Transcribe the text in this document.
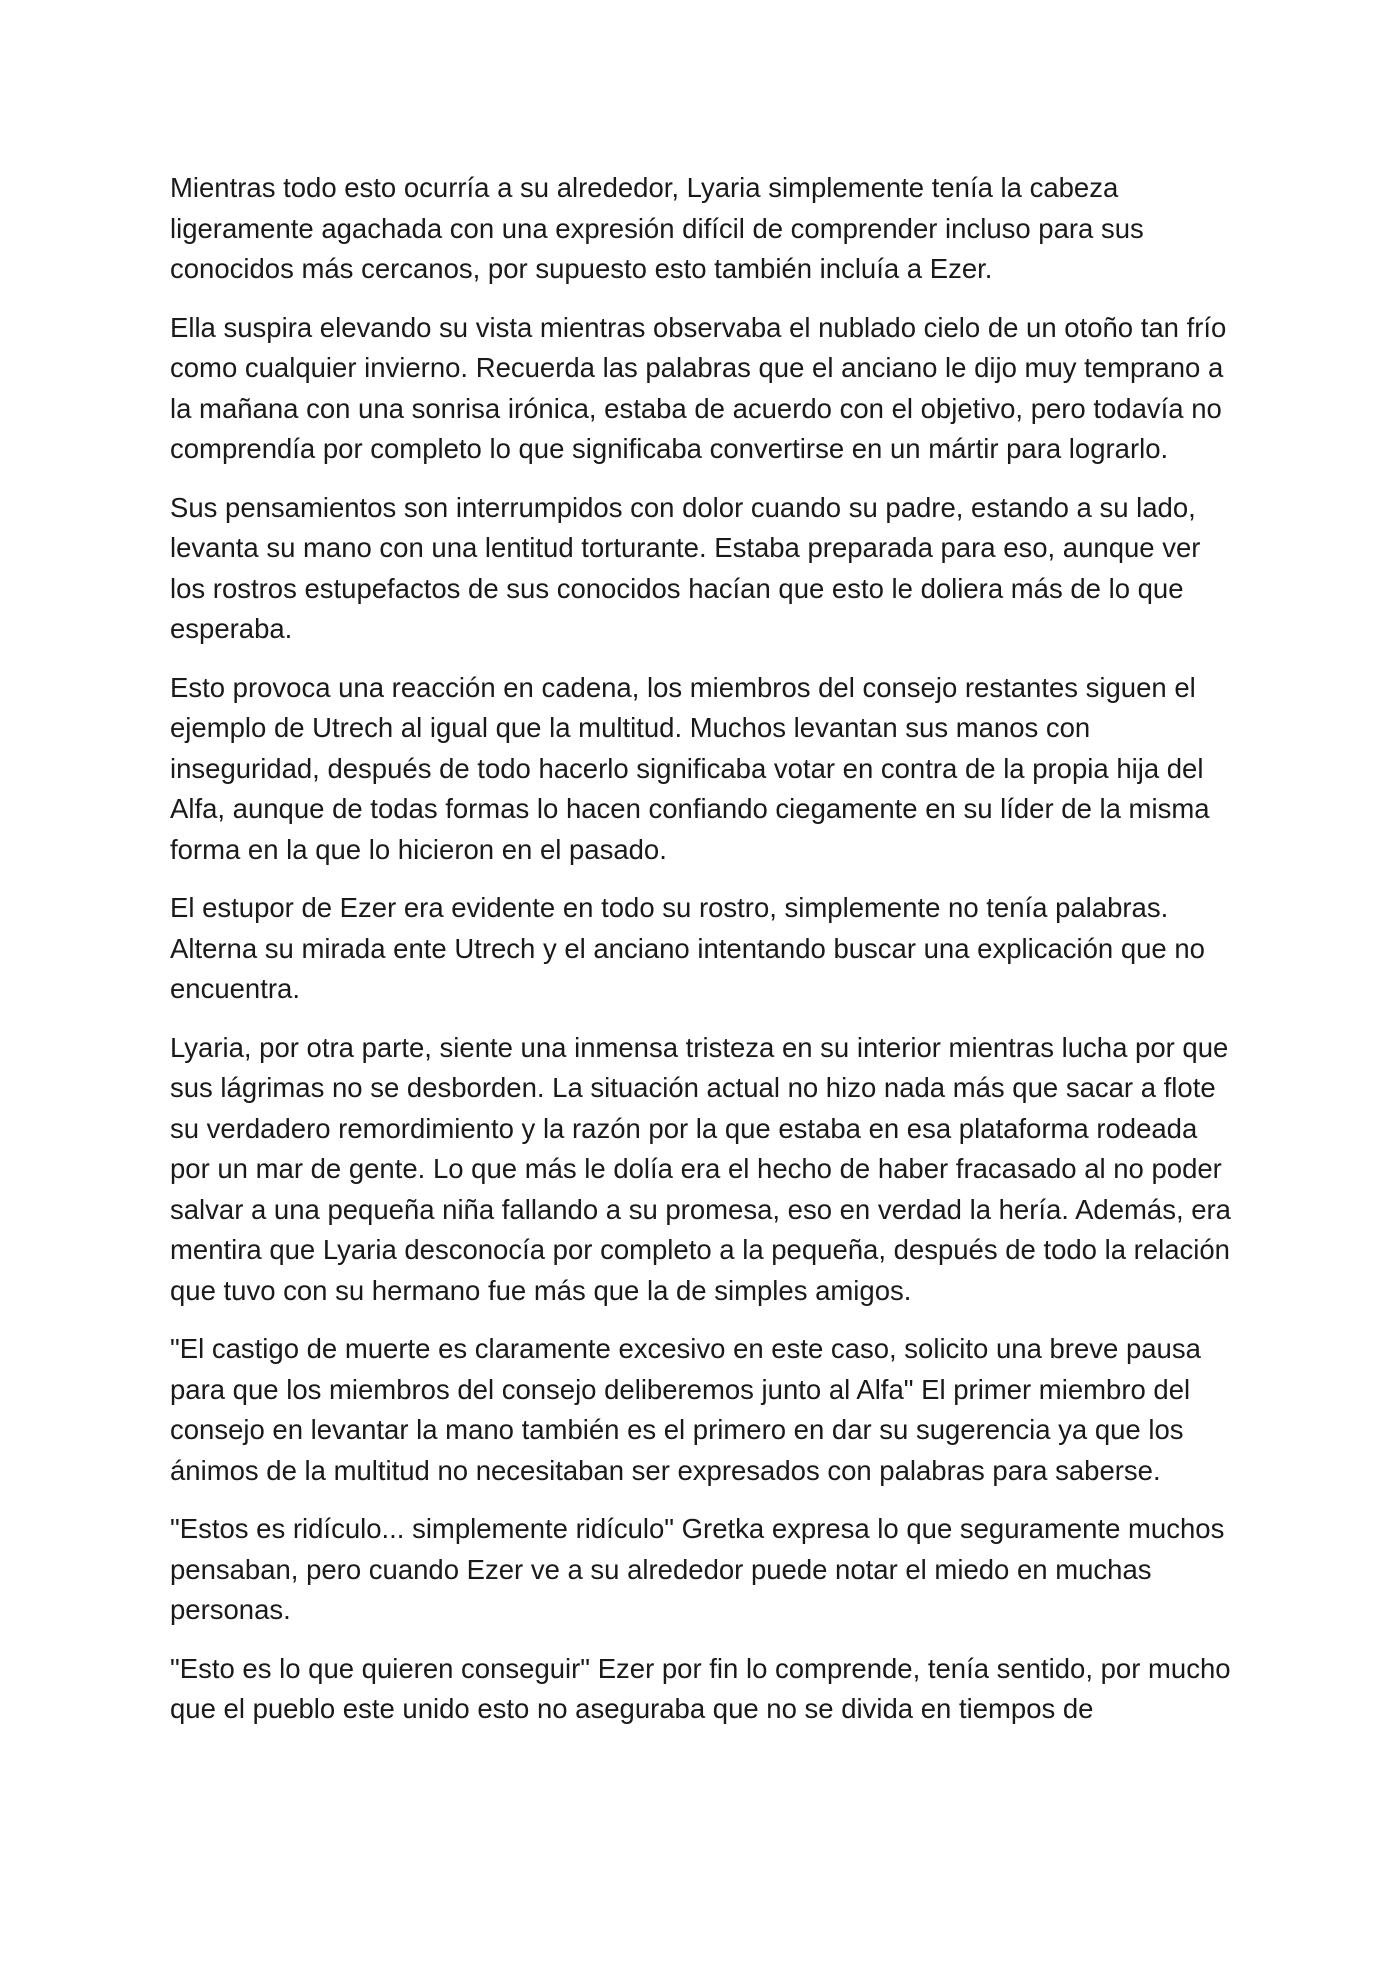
Mientras todo esto ocurría a su alrededor, Lyaria simplemente tenía la cabeza ligeramente agachada con una expresión difícil de comprender incluso para sus conocidos más cercanos, por supuesto esto también incluía a Ezer.

Ella suspira elevando su vista mientras observaba el nublado cielo de un otoño tan frío como cualquier invierno. Recuerda las palabras que el anciano le dijo muy temprano a la mañana con una sonrisa irónica, estaba de acuerdo con el objetivo, pero todavía no comprendía por completo lo que significaba convertirse en un mártir para lograrlo.

Sus pensamientos son interrumpidos con dolor cuando su padre, estando a su lado, levanta su mano con una lentitud torturante. Estaba preparada para eso, aunque ver los rostros estupefactos de sus conocidos hacían que esto le doliera más de lo que esperaba.

Esto provoca una reacción en cadena, los miembros del consejo restantes siguen el ejemplo de Utrech al igual que la multitud. Muchos levantan sus manos con inseguridad, después de todo hacerlo significaba votar en contra de la propia hija del Alfa, aunque de todas formas lo hacen confiando ciegamente en su líder de la misma forma en la que lo hicieron en el pasado.

El estupor de Ezer era evidente en todo su rostro, simplemente no tenía palabras. Alterna su mirada ente Utrech y el anciano intentando buscar una explicación que no encuentra.

Lyaria, por otra parte, siente una inmensa tristeza en su interior mientras lucha por que sus lágrimas no se desborden. La situación actual no hizo nada más que sacar a flote su verdadero remordimiento y la razón por la que estaba en esa plataforma rodeada por un mar de gente. Lo que más le dolía era el hecho de haber fracasado al no poder salvar a una pequeña niña fallando a su promesa, eso en verdad la hería. Además, era mentira que Lyaria desconocía por completo a la pequeña, después de todo la relación que tuvo con su hermano fue más que la de simples amigos.

"El castigo de muerte es claramente excesivo en este caso, solicito una breve pausa para que los miembros del consejo deliberemos junto al Alfa" El primer miembro del consejo en levantar la mano también es el primero en dar su sugerencia ya que los ánimos de la multitud no necesitaban ser expresados con palabras para saberse.

"Estos es ridículo... simplemente ridículo" Gretka expresa lo que seguramente muchos pensaban, pero cuando Ezer ve a su alrededor puede notar el miedo en muchas personas.

"Esto es lo que quieren conseguir" Ezer por fin lo comprende, tenía sentido, por mucho que el pueblo este unido esto no aseguraba que no se divida en tiempos de
